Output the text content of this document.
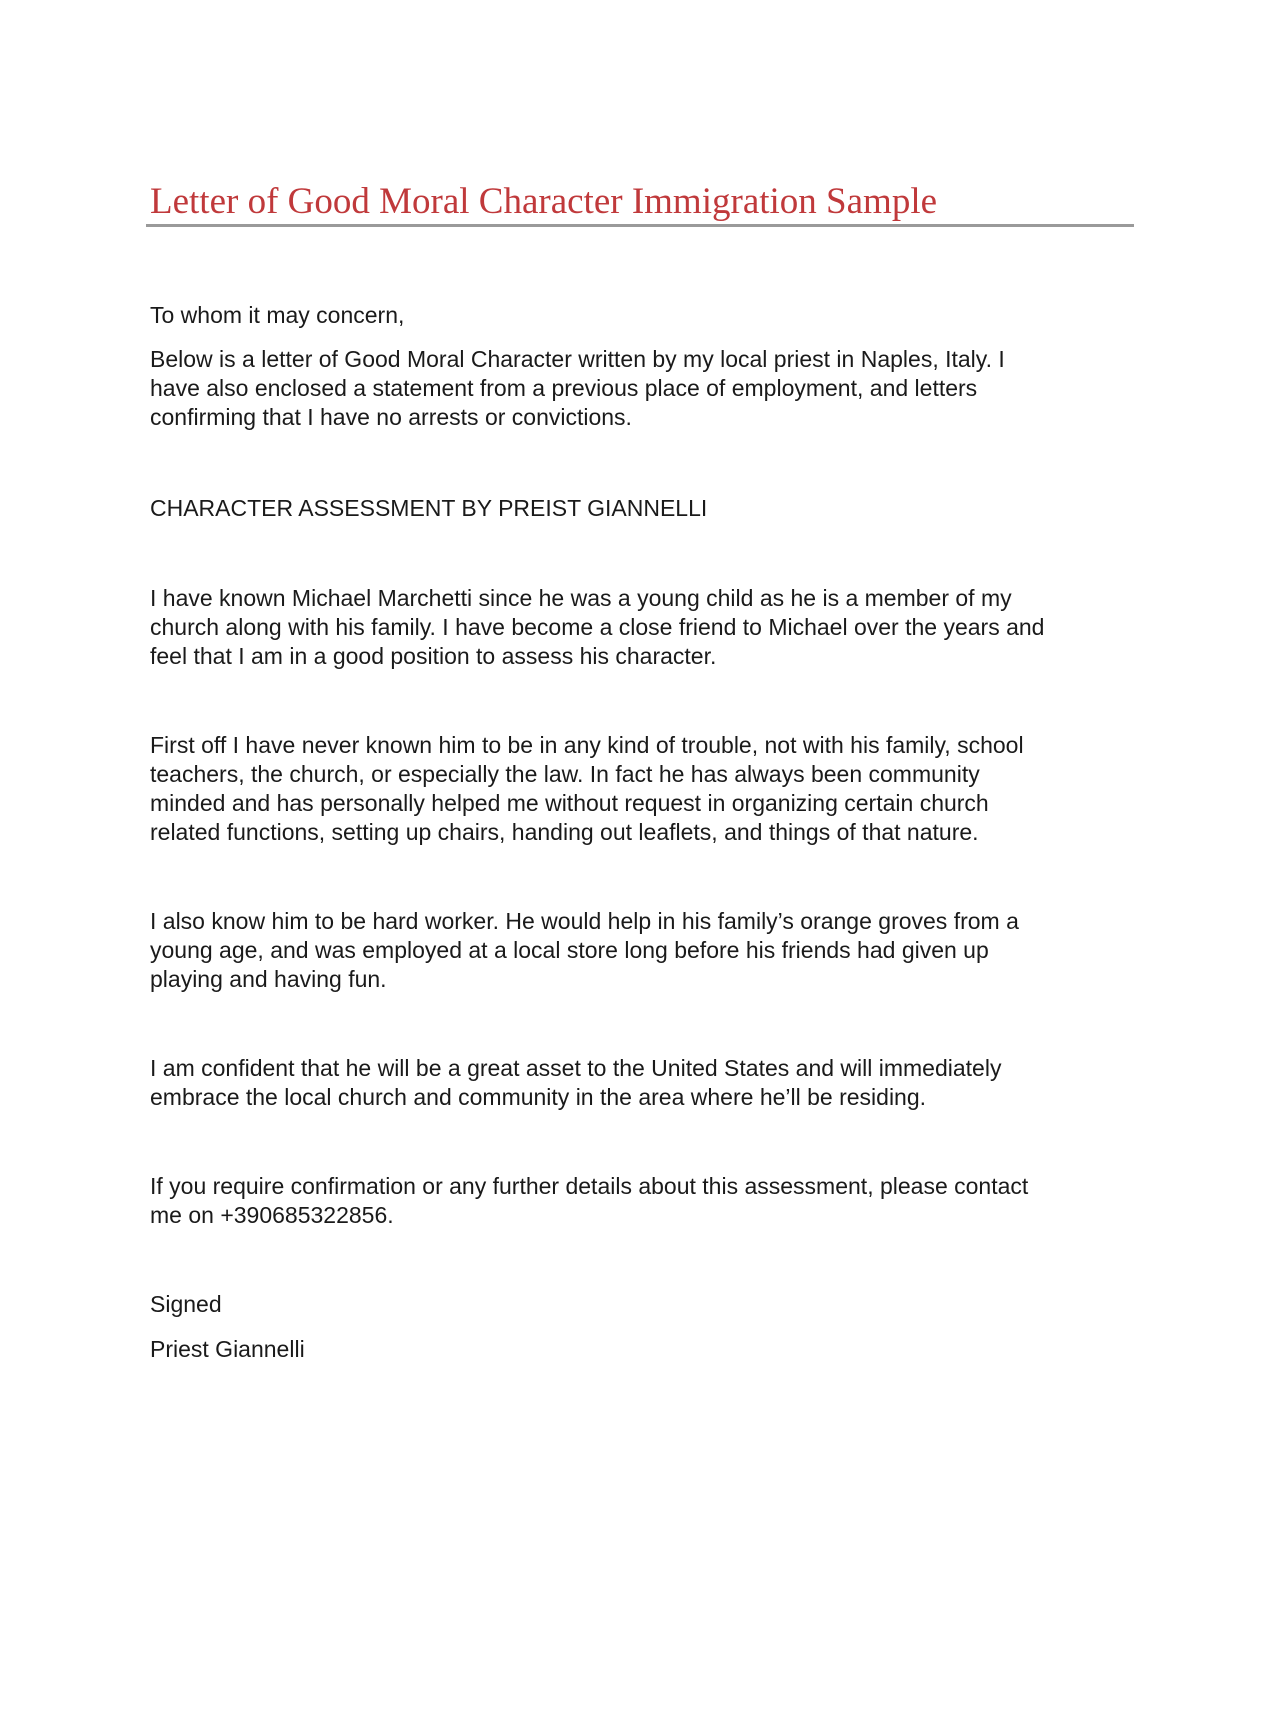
Letter of Good Moral Character Immigration Sample

To whom it may concern,

Below is a letter of Good Moral Character written by my local priest in Naples, Italy. I
have also enclosed a statement from a previous place of employment, and letters
confirming that I have no arrests or convictions.

CHARACTER ASSESSMENT BY PREIST GIANNELLI

I have known Michael Marchetti since he was a young child as he is a member of my
church along with his family. I have become a close friend to Michael over the years and
feel that I am in a good position to assess his character.

First off I have never known him to be in any kind of trouble, not with his family, school
teachers, the church, or especially the law. In fact he has always been community
minded and has personally helped me without request in organizing certain church
related functions, setting up chairs, handing out leaflets, and things of that nature.

I also know him to be hard worker. He would help in his family’s orange groves from a
young age, and was employed at a local store long before his friends had given up
playing and having fun.

I am confident that he will be a great asset to the United States and will immediately
embrace the local church and community in the area where he’ll be residing.

If you require confirmation or any further details about this assessment, please contact
me on +390685322856.

Signed

Priest Giannelli
